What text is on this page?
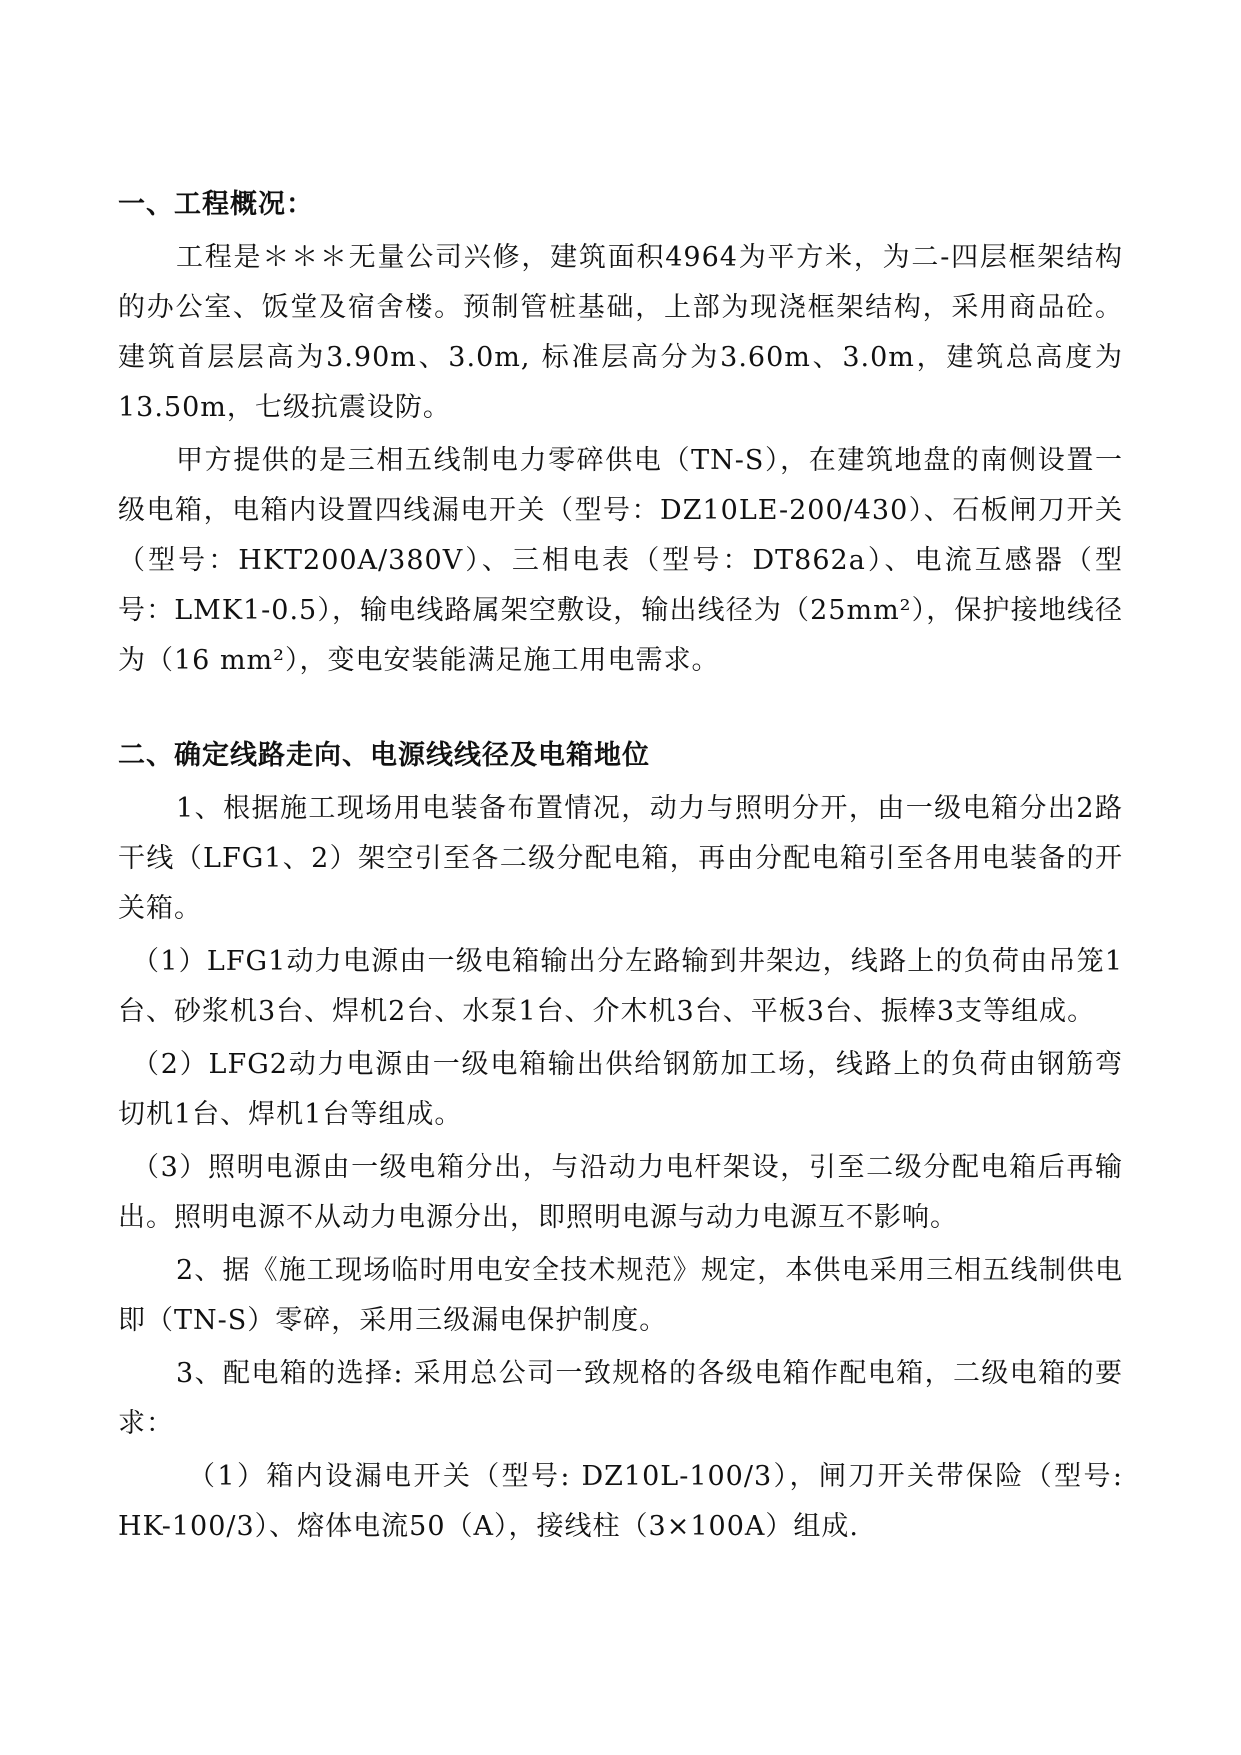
一、工程概况：

工程是＊＊＊无量公司兴修，建筑面积4964为平方米，为二-四层框架结构的办公室、饭堂及宿舍楼。预制管桩基础，上部为现浇框架结构，采用商品砼。建筑首层层高为3.90m、3.0m, 标准层高分为3.60m、3.0m，建筑总高度为13.50m，七级抗震设防。

甲方提供的是三相五线制电力零碎供电（TN-S），在建筑地盘的南侧设置一级电箱，电箱内设置四线漏电开关（型号：DZ10LE-200/430）、石板闸刀开关（型号：HKT200A/380V）、三相电表（型号：DT862a）、电流互感器（型号：LMK1-0.5），输电线路属架空敷设，输出线径为（25mm²），保护接地线径为（16 mm²），变电安装能满足施工用电需求。

二、确定线路走向、电源线线径及电箱地位

1、根据施工现场用电装备布置情况，动力与照明分开，由一级电箱分出2路干线（LFG1、2）架空引至各二级分配电箱，再由分配电箱引至各用电装备的开关箱。

（1）LFG1动力电源由一级电箱输出分左路输到井架边，线路上的负荷由吊笼1台、砂浆机3台、焊机2台、水泵1台、介木机3台、平板3台、振棒3支等组成。

（2）LFG2动力电源由一级电箱输出供给钢筋加工场，线路上的负荷由钢筋弯切机1台、焊机1台等组成。

（3）照明电源由一级电箱分出，与沿动力电杆架设，引至二级分配电箱后再输出。照明电源不从动力电源分出，即照明电源与动力电源互不影响。

2、据《施工现场临时用电安全技术规范》规定，本供电采用三相五线制供电即（TN-S）零碎，采用三级漏电保护制度。

3、配电箱的选择: 采用总公司一致规格的各级电箱作配电箱，二级电箱的要求：

（1）箱内设漏电开关（型号: DZ10L-100/3），闸刀开关带保险（型号: HK-100/3）、熔体电流50（A），接线柱（3×100A）组成.
